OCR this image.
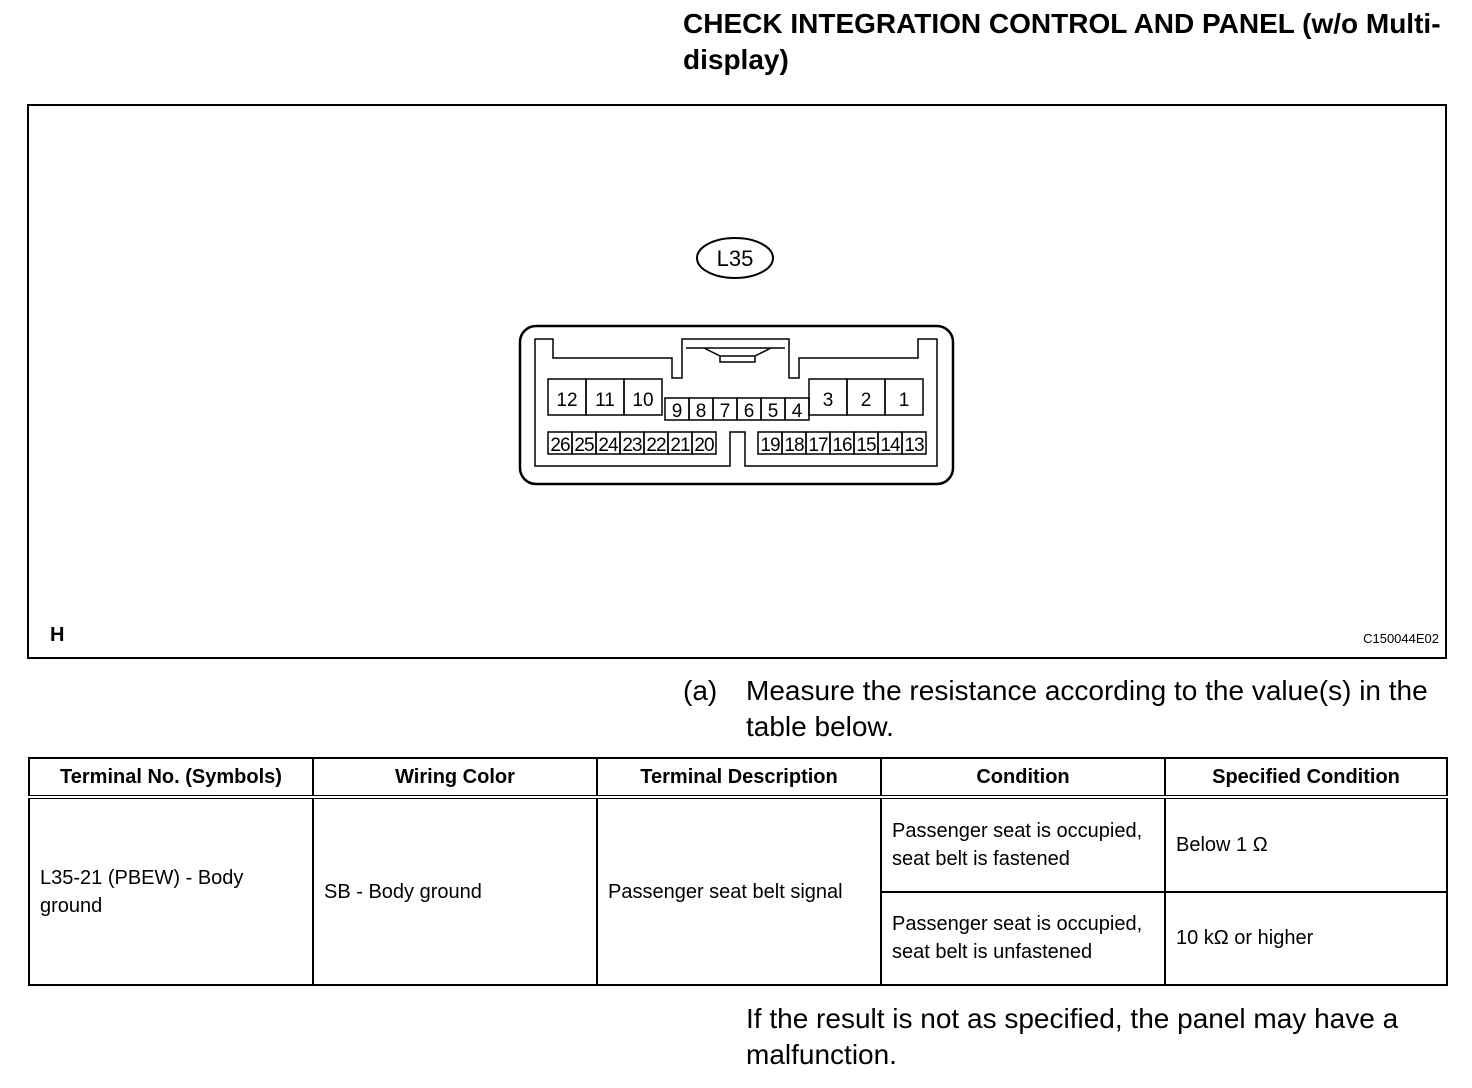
CHECK INTEGRATION CONTROL AND PANEL (w/o Multi-display)
L35
12 11 10
9 8 7 6 5 4
3 2 1
26 25 24 23 22 21 20 19 18 17 16 15 14 13
H	C150044E02
(a) Measure the resistance according to the value(s) in the table below.
Terminal No. (Symbols)	Wiring Color	Terminal Description	Condition	Specified Condition
L35-21 (PBEW) - Body ground	SB - Body ground	Passenger seat belt signal	Passenger seat is occupied, seat belt is fastened	Below 1 Ω
			Passenger seat is occupied, seat belt is unfastened	10 kΩ or higher
If the result is not as specified, the panel may have a malfunction.
